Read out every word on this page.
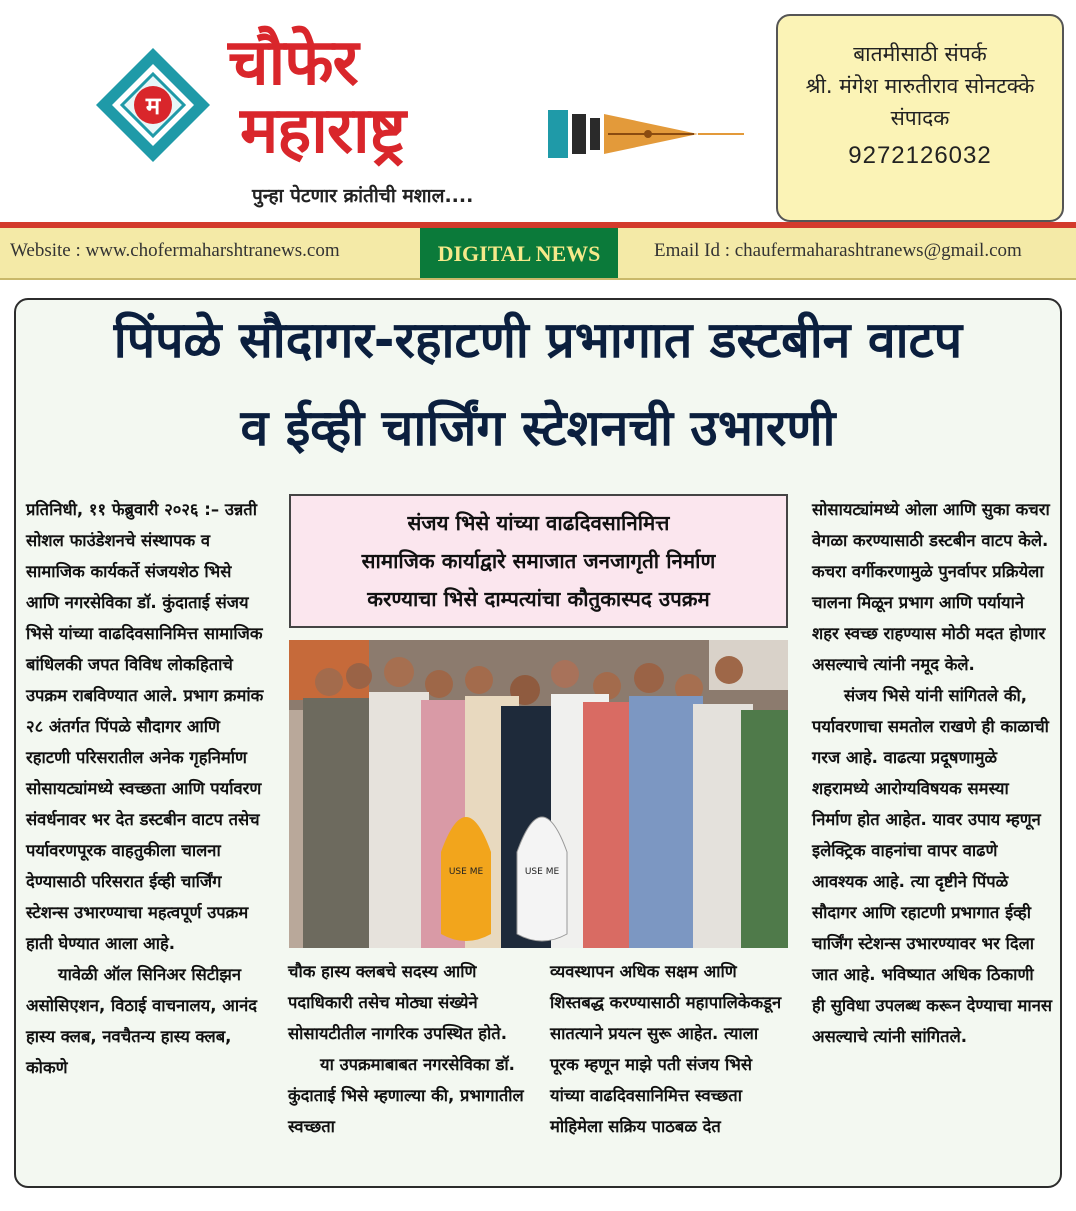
म
चौफेर
महाराष्ट्र
पुन्हा पेटणार क्रांतीची मशाल....
बातमीसाठी संपर्क
श्री. मंगेश मारुतीराव सोनटक्के
संपादक
9272126032
Website : www.chofermaharshtranews.com	DIGITAL NEWS	Email Id : chaufermaharashtranews@gmail.com
पिंपळे सौदागर-रहाटणी प्रभागात डस्टबीन वाटप
व ईव्ही चार्जिंग स्टेशनची उभारणी

प्रतिनिधी, ११ फेब्रुवारी २०२६ :– उन्नती सोशल फाउंडेशनचे संस्थापक व सामाजिक कार्यकर्ते संजयशेठ भिसे आणि नगरसेविका डॉ. कुंदाताई संजय भिसे यांच्या वाढदिवसानिमित्त सामाजिक बांधिलकी जपत विविध लोकहिताचे उपक्रम राबविण्यात आले. प्रभाग क्रमांक २८ अंतर्गत पिंपळे सौदागर आणि रहाटणी परिसरातील अनेक गृहनिर्माण सोसायट्यांमध्ये स्वच्छता आणि पर्यावरण संवर्धनावर भर देत डस्टबीन वाटप तसेच पर्यावरणपूरक वाहतुकीला चालना देण्यासाठी परिसरात ईव्ही चार्जिंग स्टेशन्स उभारण्याचा महत्वपूर्ण उपक्रम हाती घेण्यात आला आहे.

यावेळी ऑल सिनिअर सिटीझन असोसिएशन, विठाई वाचनालय, आनंद हास्य क्लब, नवचैतन्य हास्य क्लब, कोकणे

संजय भिसे यांच्या वाढदिवसानिमित्त
सामाजिक कार्याद्वारे समाजात जनजागृती निर्माण
करण्याचा भिसे दाम्पत्यांचा कौतुकास्पद उपक्रम
USE ME	USE ME

चौक हास्य क्लबचे सदस्य आणि पदाधिकारी तसेच मोठ्या संख्येने सोसायटीतील नागरिक उपस्थित होते.

या उपक्रमाबाबत नगरसेविका डॉ. कुंदाताई भिसे म्हणाल्या की, प्रभागातील स्वच्छता

व्यवस्थापन अधिक सक्षम आणि शिस्तबद्ध करण्यासाठी महापालिकेकडून सातत्याने प्रयत्न सुरू आहेत. त्याला पूरक म्हणून माझे पती संजय भिसे यांच्या वाढदिवसानिमित्त स्वच्छता मोहिमेला सक्रिय पाठबळ देत

सोसायट्यांमध्ये ओला आणि सुका कचरा वेगळा करण्यासाठी डस्टबीन वाटप केले. कचरा वर्गीकरणामुळे पुनर्वापर प्रक्रियेला चालना मिळून प्रभाग आणि पर्यायाने शहर स्वच्छ राहण्यास मोठी मदत होणार असल्याचे त्यांनी नमूद केले.

संजय भिसे यांनी सांगितले की, पर्यावरणाचा समतोल राखणे ही काळाची गरज आहे. वाढत्या प्रदूषणामुळे शहरामध्ये आरोग्यविषयक समस्या निर्माण होत आहेत. यावर उपाय म्हणून इलेक्ट्रिक वाहनांचा वापर वाढणे आवश्यक आहे. त्या दृष्टीने पिंपळे सौदागर आणि रहाटणी प्रभागात ईव्ही चार्जिंग स्टेशन्स उभारण्यावर भर दिला जात आहे. भविष्यात अधिक ठिकाणी ही सुविधा उपलब्ध करून देण्याचा मानस असल्याचे त्यांनी सांगितले.
